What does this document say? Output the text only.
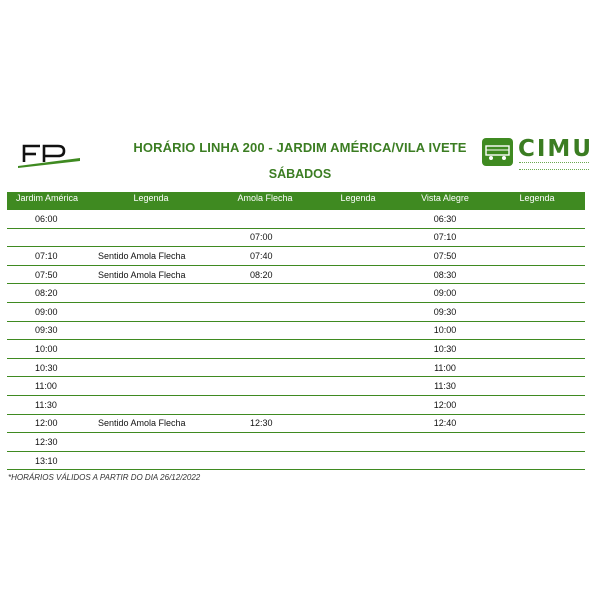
HORÁRIO LINHA 200 - JARDIM AMÉRICA/VILA IVETE
SÁBADOS
CIMU
Jardim América	Legenda	Amola Flecha	Legenda	Vista Alegre	Legenda
06:00				06:30	
		07:00		07:10	
07:10	Sentido Amola Flecha	07:40		07:50	
07:50	Sentido Amola Flecha	08:20		08:30	
08:20				09:00	
09:00				09:30	
09:30				10:00	
10:00				10:30	
10:30				11:00	
11:00				11:30	
11:30				12:00	
12:00	Sentido Amola Flecha	12:30		12:40	
12:30					
13:10					
*HORÁRIOS VÁLIDOS A PARTIR DO DIA 26/12/2022
